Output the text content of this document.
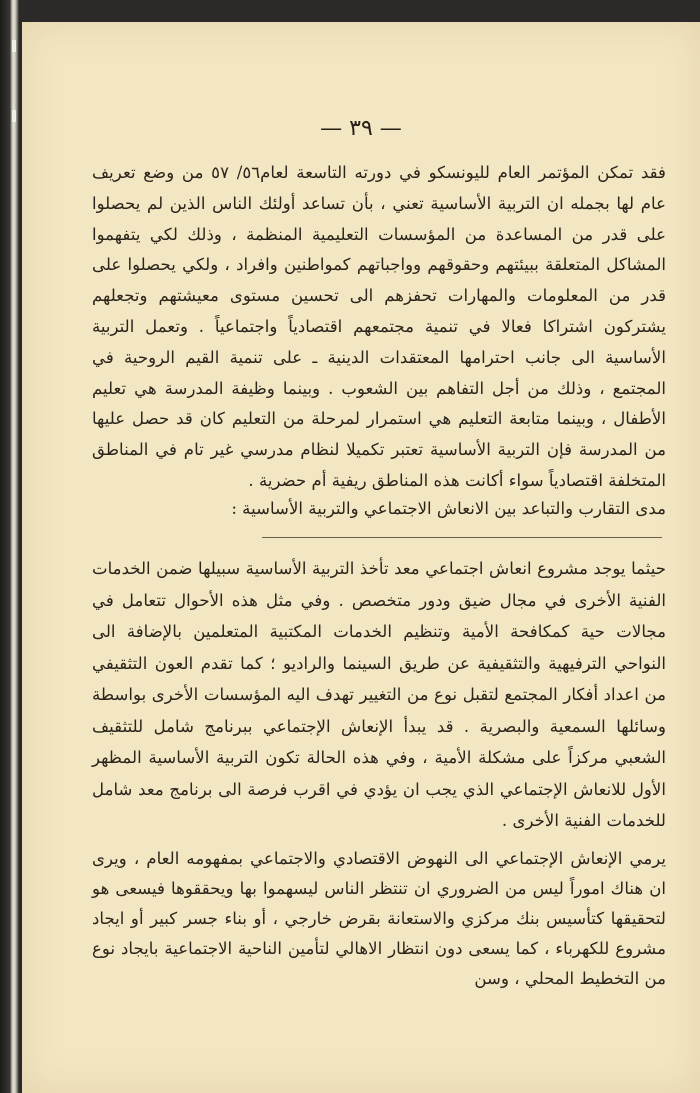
— ٣٩ —

فقد تمكن المؤتمر العام لليونسكو في دورته التاسعة لعام٥٦/ ٥٧ من وضع تعريف عام لها بجمله ان التربية الأساسية تعني ، بأن تساعد أولئك الناس الذين لم يحصلوا على قدر من المساعدة من المؤسسات التعليمية المنظمة ، وذلك لكي يتفهموا المشاكل المتعلقة ببيئتهم وحقوقهم وواجباتهم كمواطنين وافراد ، ولكي يحصلوا على قدر من المعلومات والمهارات تحفزهم الى تحسين مستوى معيشتهم وتجعلهم يشتركون اشتراكا فعالا في تنمية مجتمعهم اقتصادياً واجتماعياً . وتعمل التربية الأساسية الى جانب احترامها المعتقدات الدينية ـ على تنمية القيم الروحية في المجتمع ، وذلك من أجل التفاهم بين الشعوب . وبينما وظيفة المدرسة هي تعليم الأطفال ، وبينما متابعة التعليم هي استمرار لمرحلة من التعليم كان قد حصل عليها من المدرسة فإن التربية الأساسية تعتبر تكميلا لنظام مدرسي غير تام في المناطق المتخلفة اقتصادياً سواء أكانت هذه المناطق ريفية أم حضرية .

مدى التقارب والتباعد بين الانعاش الاجتماعي والتربية الأساسية :

حيثما يوجد مشروع انعاش اجتماعي معد تأخذ التربية الأساسية سبيلها ضمن الخدمات الفنية الأخرى في مجال ضيق ودور متخصص . وفي مثل هذه الأحوال تتعامل في مجالات حية كمكافحة الأمية وتنظيم الخدمات المكتبية المتعلمين بالإضافة الى النواحي الترفيهية والتثقيفية عن طريق السينما والراديو ؛ كما تقدم العون التثقيفي من اعداد أفكار المجتمع لتقبل نوع من التغيير تهدف اليه المؤسسات الأخرى بواسطة وسائلها السمعية والبصرية . قد يبدأ الإنعاش الإجتماعي ببرنامج شامل للتثقيف الشعبي مركزاً على مشكلة الأمية ، وفي هذه الحالة تكون التربية الأساسية المظهر الأول للانعاش الإجتماعي الذي يجب ان يؤدي في اقرب فرصة الى برنامج معد شامل للخدمات الفنية الأخرى .

يرمي الإنعاش الإجتماعي الى النهوض الاقتصادي والاجتماعي بمفهومه العام ، ويرى ان هناك اموراً ليس من الضروري ان تنتظر الناس ليسهموا بها ويحققوها فيسعى هو لتحقيقها كتأسيس بنك مركزي والاستعانة بقرض خارجي ، أو بناء جسر كبير أو ايجاد مشروع للكهرباء ، كما يسعى دون انتظار الاهالي لتأمين الناحية الاجتماعية بايجاد نوع من التخطيط المحلي ، وسن
